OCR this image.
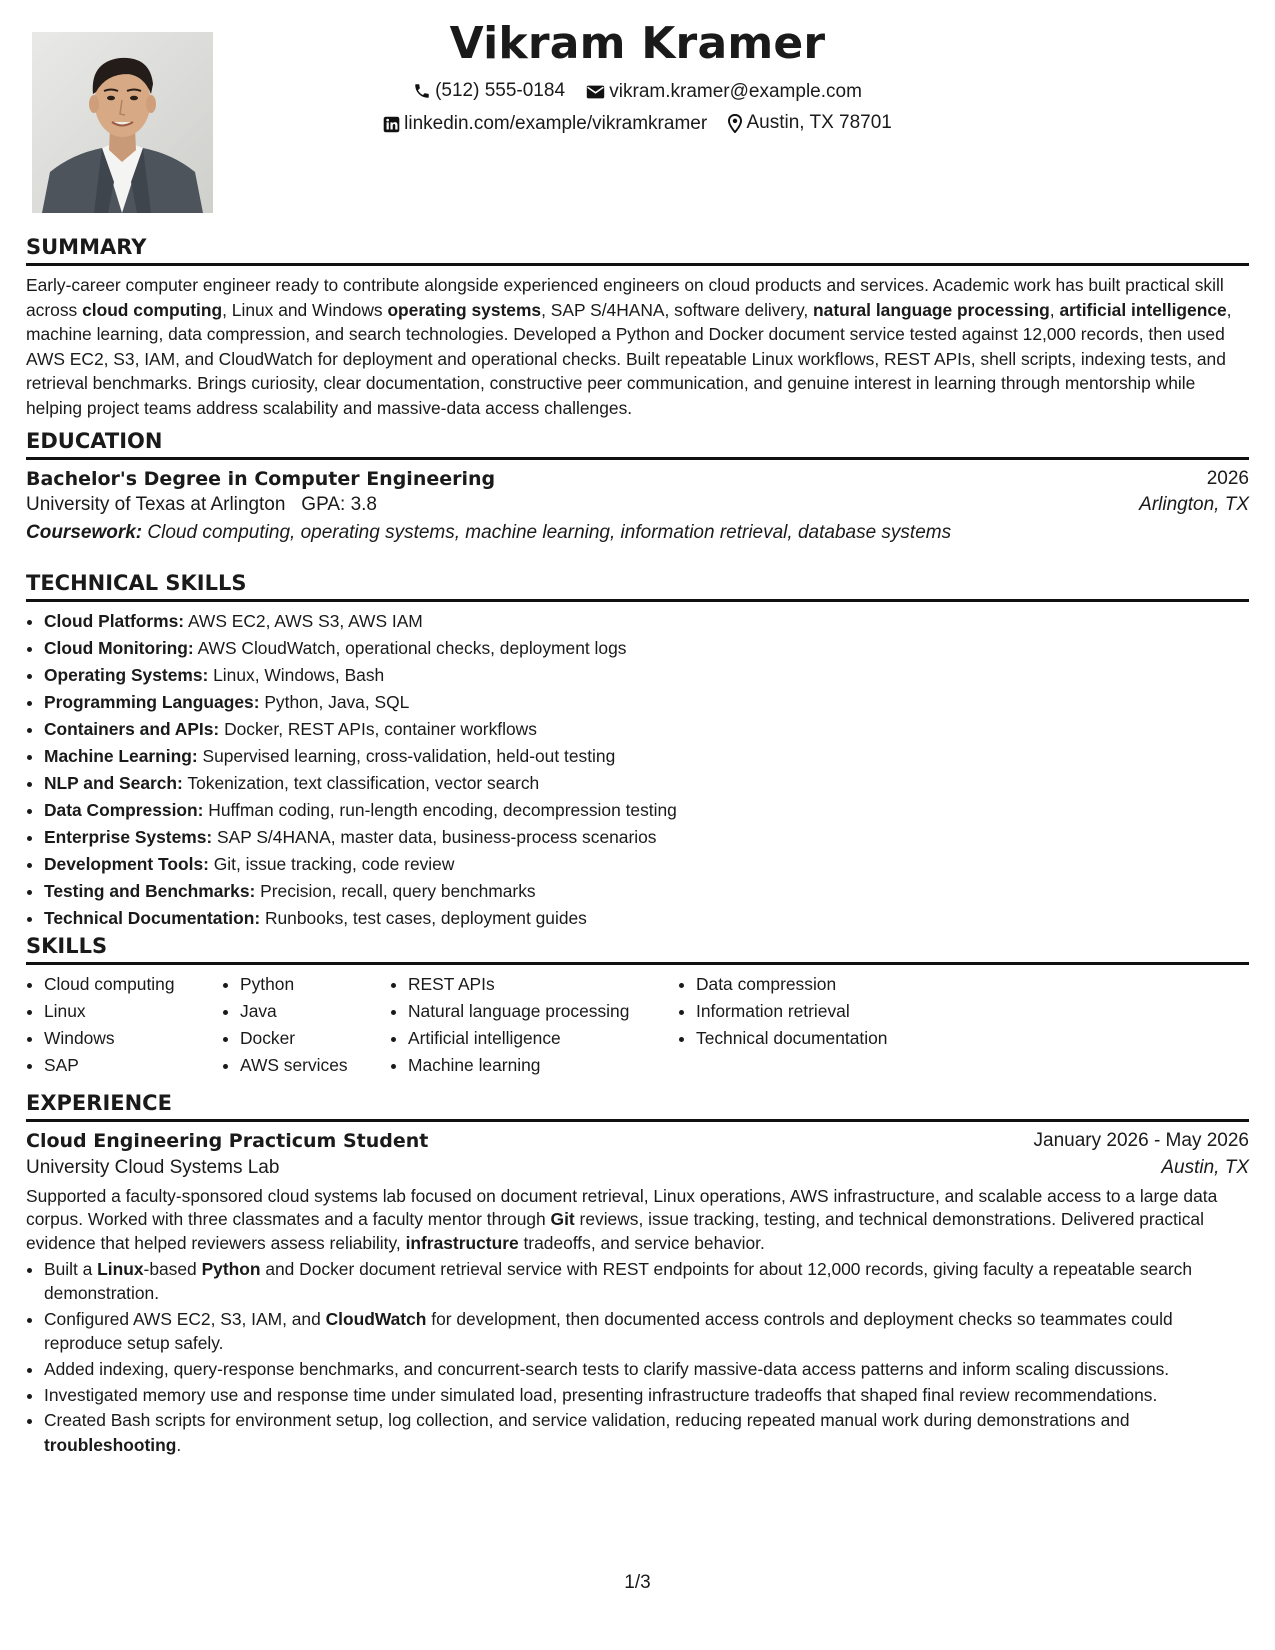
Vikram Kramer
(512) 555-0184
vikram.kramer@example.com
linkedin.com/example/vikramkramer
Austin, TX 78701
SUMMARY
Early-career computer engineer ready to contribute alongside experienced engineers on cloud products and services. Academic work has built practical skill across cloud computing, Linux and Windows operating systems, SAP S/4HANA, software delivery, natural language processing, artificial intelligence, machine learning, data compression, and search technologies. Developed a Python and Docker document service tested against 12,000 records, then used AWS EC2, S3, IAM, and CloudWatch for deployment and operational checks. Built repeatable Linux workflows, REST APIs, shell scripts, indexing tests, and retrieval benchmarks. Brings curiosity, clear documentation, constructive peer communication, and genuine interest in learning through mentorship while helping project teams address scalability and massive-data access challenges.
EDUCATION
Bachelor's Degree in Computer Engineering	2026
University of Texas at Arlington GPA: 3.8	Arlington, TX
Coursework: Cloud computing, operating systems, machine learning, information retrieval, database systems
TECHNICAL SKILLS
• Cloud Platforms: AWS EC2, AWS S3, AWS IAM
• Cloud Monitoring: AWS CloudWatch, operational checks, deployment logs
• Operating Systems: Linux, Windows, Bash
• Programming Languages: Python, Java, SQL
• Containers and APIs: Docker, REST APIs, container workflows
• Machine Learning: Supervised learning, cross-validation, held-out testing
• NLP and Search: Tokenization, text classification, vector search
• Data Compression: Huffman coding, run-length encoding, decompression testing
• Enterprise Systems: SAP S/4HANA, master data, business-process scenarios
• Development Tools: Git, issue tracking, code review
• Testing and Benchmarks: Precision, recall, query benchmarks
• Technical Documentation: Runbooks, test cases, deployment guides
SKILLS
• Cloud computing
• Linux
• Windows
• SAP
• Python
• Java
• Docker
• AWS services
• REST APIs
• Natural language processing
• Artificial intelligence
• Machine learning
• Data compression
• Information retrieval
• Technical documentation
EXPERIENCE
Cloud Engineering Practicum Student	January 2026 - May 2026
University Cloud Systems Lab	Austin, TX
Supported a faculty-sponsored cloud systems lab focused on document retrieval, Linux operations, AWS infrastructure, and scalable access to a large data corpus. Worked with three classmates and a faculty mentor through Git reviews, issue tracking, testing, and technical demonstrations. Delivered practical evidence that helped reviewers assess reliability, infrastructure tradeoffs, and service behavior.
• Built a Linux-based Python and Docker document retrieval service with REST endpoints for about 12,000 records, giving faculty a repeatable search demonstration.
• Configured AWS EC2, S3, IAM, and CloudWatch for development, then documented access controls and deployment checks so teammates could reproduce setup safely.
• Added indexing, query-response benchmarks, and concurrent-search tests to clarify massive-data access patterns and inform scaling discussions.
• Investigated memory use and response time under simulated load, presenting infrastructure tradeoffs that shaped final review recommendations.
• Created Bash scripts for environment setup, log collection, and service validation, reducing repeated manual work during demonstrations and troubleshooting.
1/3
